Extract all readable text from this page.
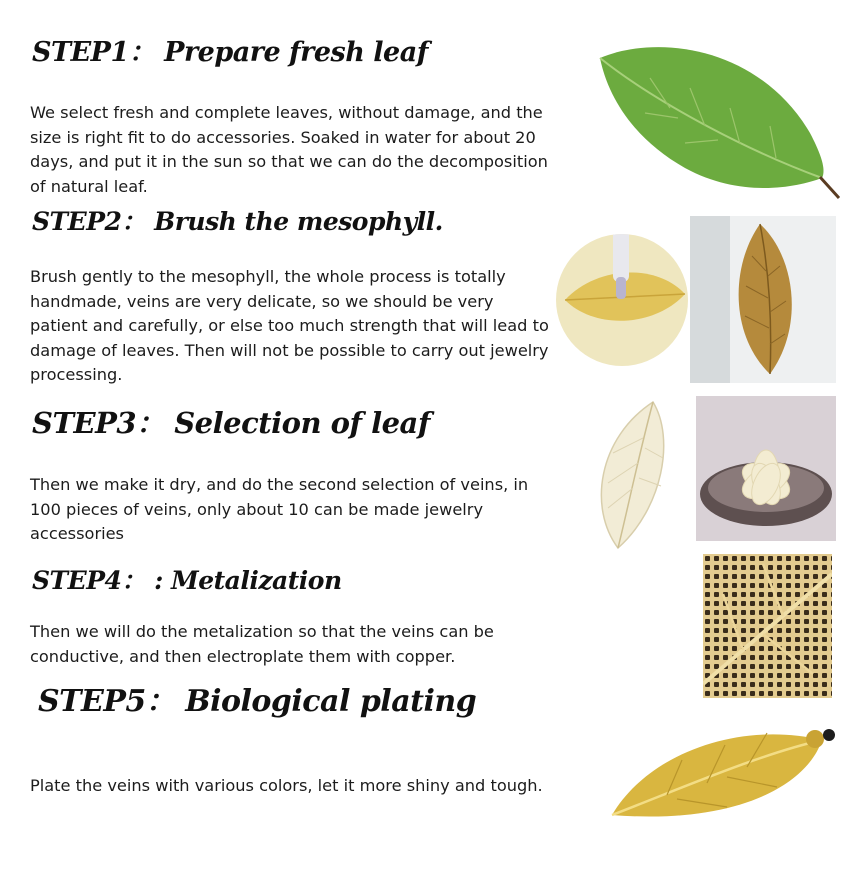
STEP1： Prepare fresh leaf

We select fresh and complete leaves, without damage, and the size is right fit to do accessories. Soaked in water for about 20 days, and put it in the sun so that we can do the decomposition of natural leaf.

STEP2： Brush the mesophyll.

Brush gently to the mesophyll, the whole process is totally handmade, veins are very delicate, so we should be very patient and carefully, or else too much strength that will lead to damage of leaves. Then will not be possible to carry out jewelry processing.

STEP3： Selection of leaf

Then we make it dry, and do the second selection of veins, in 100 pieces of veins, only about 10 can be made jewelry accessories

STEP4： : Metalization

Then we will do the metalization so that the veins can be conductive, and then electroplate them with copper.

STEP5： Biological plating

Plate the veins with various colors, let it more shiny and tough.
